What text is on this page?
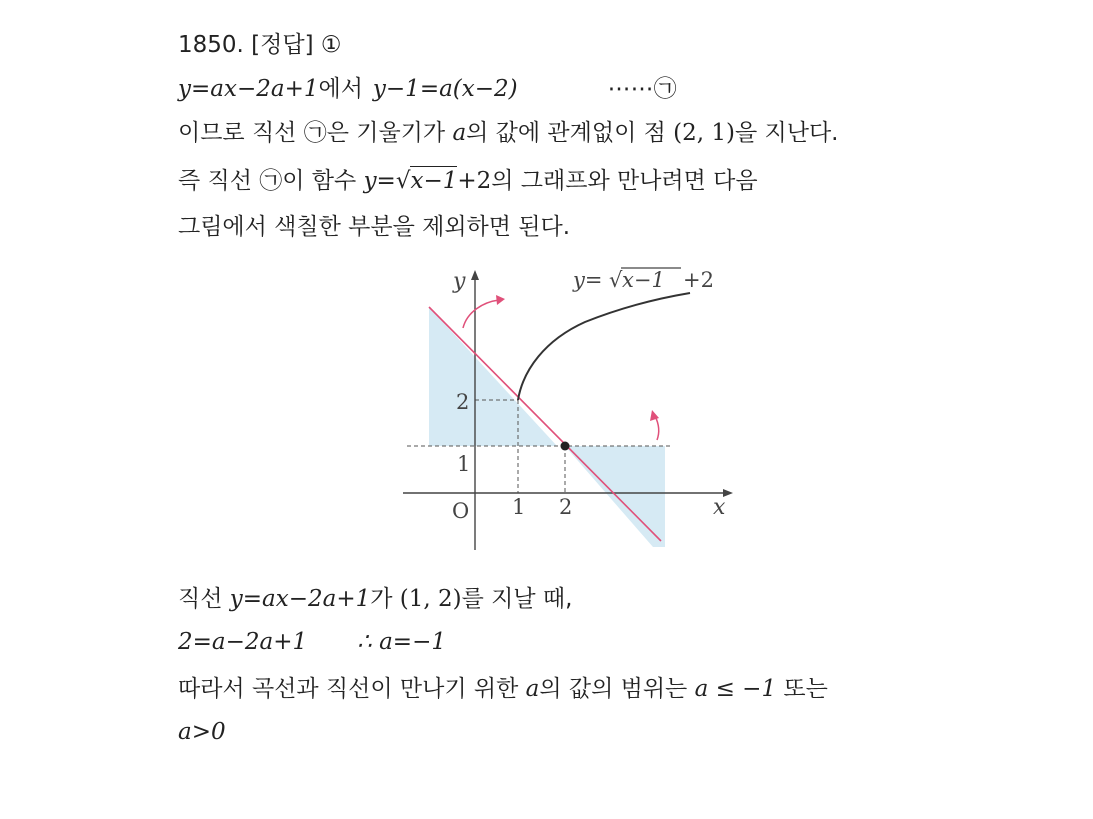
1850. [정답] ①
y=ax−2a+1에서 y−1=a(x−2)	⋯⋯㉠
이므로 직선 ㉠은 기울기가 a의 값에 관계없이 점 (2, 1)을 지난다.
즉 직선 ㉠이 함수 y=√x−1+2의 그래프와 만나려면 다음
그림에서 색칠한 부분을 제외하면 된다.
y
x
O 1 2
1
2
y= √ x−1 +2
직선 y=ax−2a+1가 (1, 2)를 지날 때,
2=a−2a+1 ∴ a=−1
따라서 곡선과 직선이 만나기 위한 a의 값의 범위는 a ≤ −1 또는
a>0
